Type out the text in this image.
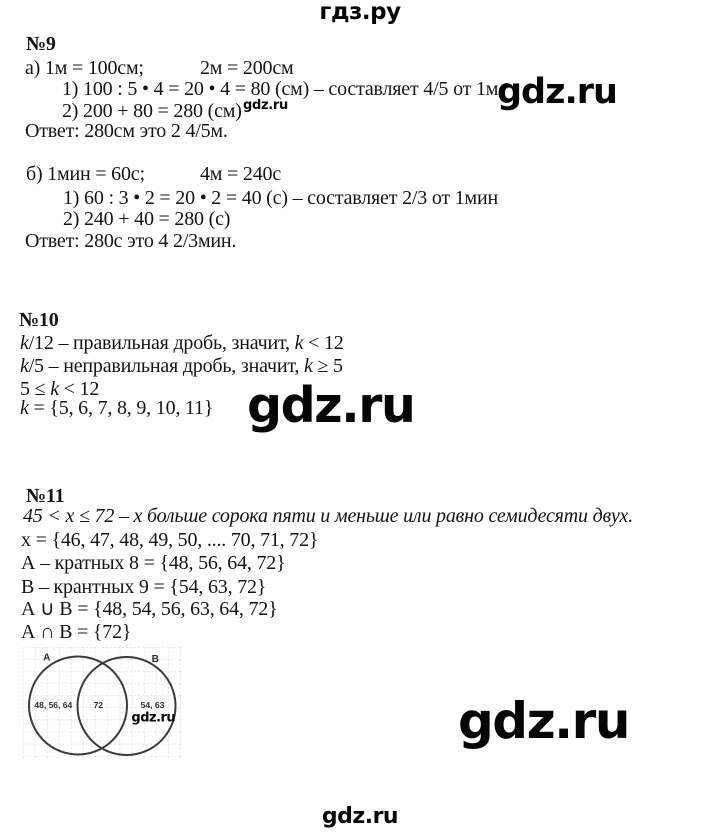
гдз.ру
№9
а) 1м = 100см;	2м = 200см
1) 100 : 5 • 4 = 20 • 4 = 80 (см) – составляет 4/5 от 1м
2) 200 + 80 = 280 (см)
Ответ: 280см это 2 4/5м.
gdz.ru
gdz.ru
б) 1мин = 60с;	4м = 240с
1) 60 : 3 • 2 = 20 • 2 = 40 (с) – составляет 2/3 от 1мин
2) 240 + 40 = 280 (с)
Ответ: 280с это 4 2/3мин.
№10
k/12 – правильная дробь, значит, k < 12
k/5 – неправильная дробь, значит, k ≥ 5
5 ≤ k < 12
k = {5, 6, 7, 8, 9, 10, 11} gdz.ru
№11
45 < x ≤ 72 – x больше сорока пяти и меньше или равно семидесяти двух.
x = {46, 47, 48, 49, 50, .... 70, 71, 72}
А – кратных 8 = {48, 56, 64, 72}
В – крантных 9 = {54, 63, 72}
А ∪ В = {48, 54, 56, 63, 64, 72}
А ∩ В = {72}
A	B
48, 56, 64	72	54, 63
gdz.ru	gdz.ru
gdz.ru
